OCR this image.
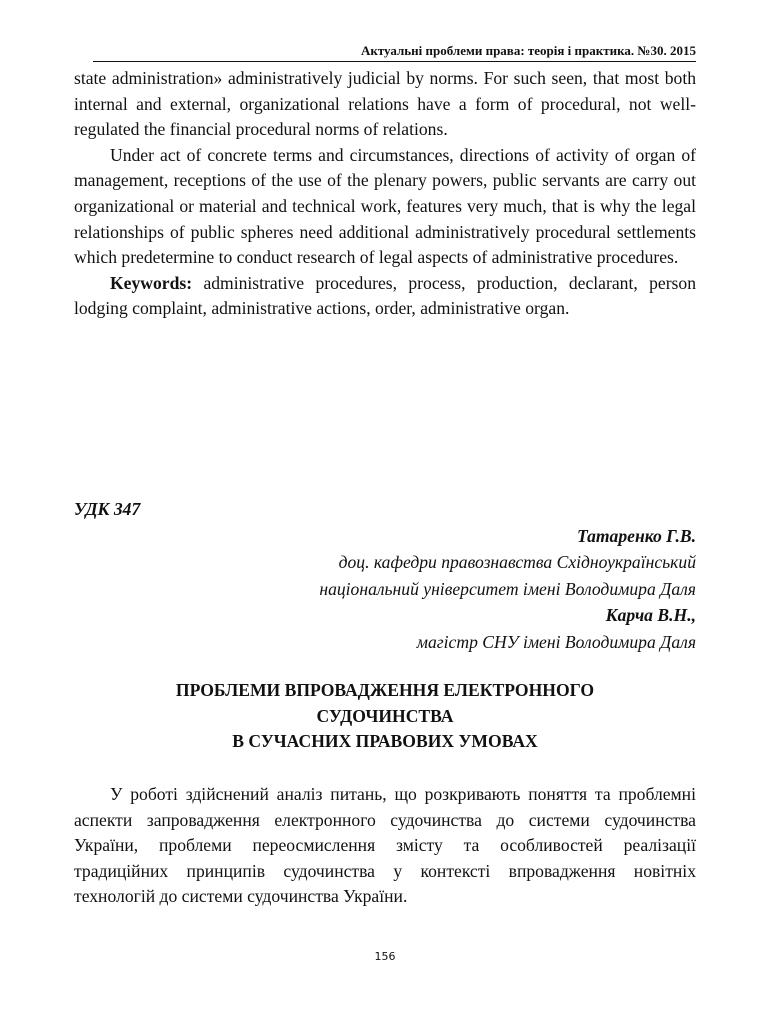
Актуальні проблеми права: теорія і практика. №30. 2015

state administration» administratively judicial by norms. For such seen, that most both internal and external, organizational relations have a form of procedural, not well-regulated the financial procedural norms of relations.

Under act of concrete terms and circumstances, directions of activity of organ of management, receptions of the use of the plenary powers, public servants are carry out organizational or material and technical work, features very much, that is why the legal relationships of public spheres need additional administratively procedural settlements which predetermine to conduct research of legal aspects of administrative procedures.

Keywords: administrative procedures, process, production, declarant, person lodging complaint, administrative actions, order, administrative organ.

УДК 347
Татаренко Г.В.
доц. кафедри правознавства Східноукраїнський
національний університет імені Володимира Даля
Карча В.Н.,
магістр СНУ імені Володимира Даля
ПРОБЛЕМИ ВПРОВАДЖЕННЯ ЕЛЕКТРОННОГО
СУДОЧИНСТВА
В СУЧАСНИХ ПРАВОВИХ УМОВАХ

У роботі здійснений аналіз питань, що розкривають поняття та проблемні аспекти запровадження електронного судочинства до системи судочинства України, проблеми переосмислення змісту та особливостей реалізації традиційних принципів судочинства у контексті впровадження новітніх технологій до системи судочинства України.

156
